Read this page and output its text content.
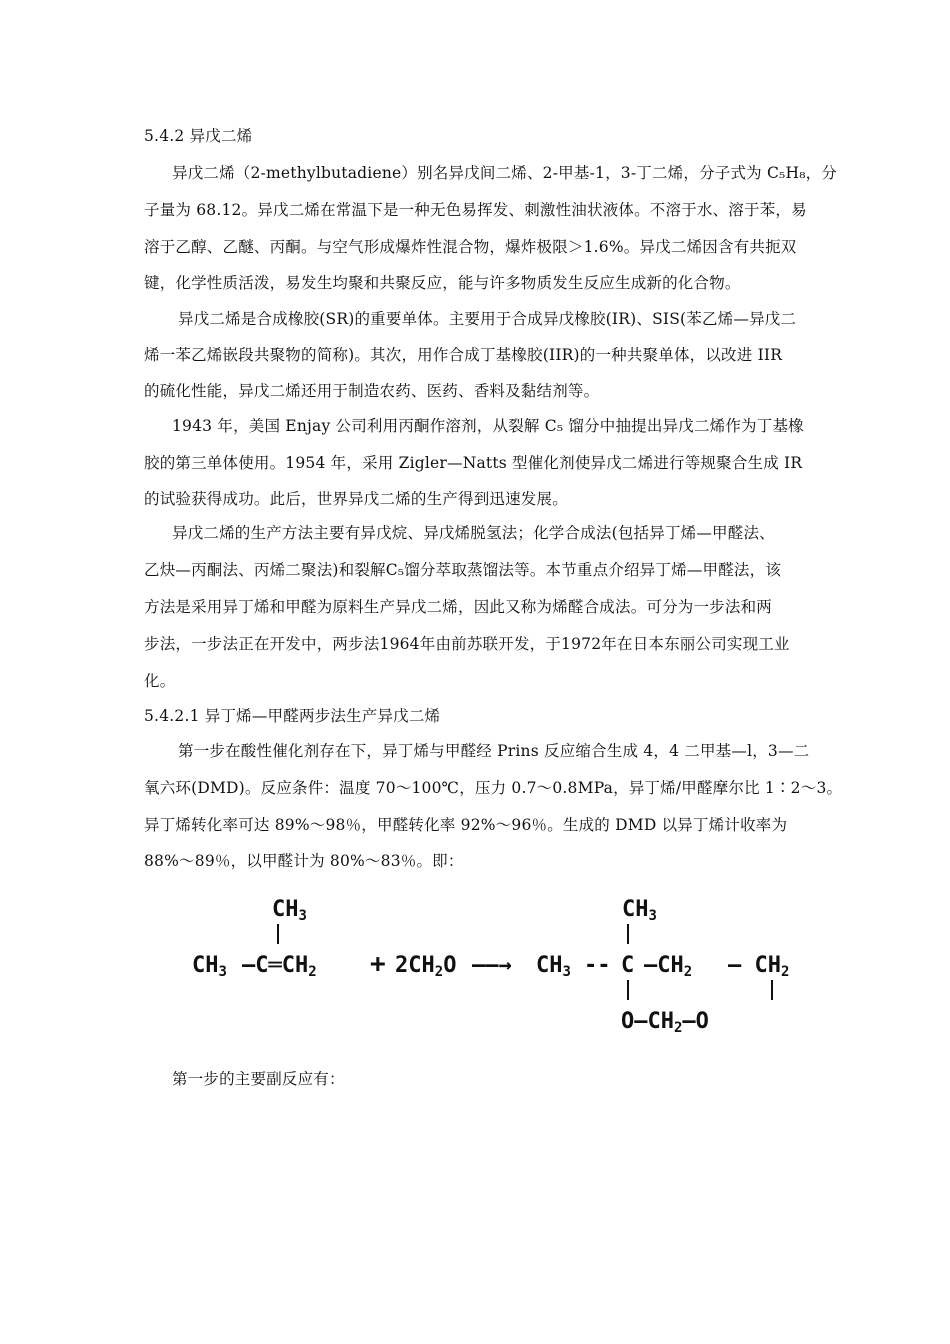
5.4.2 异戊二烯
异戊二烯（2-methylbutadiene）别名异戊间二烯、2-甲基-1，3-丁二烯，分子式为 C₅H₈，分
子量为 68.12。异戊二烯在常温下是一种无色易挥发、刺激性油状液体。不溶于水、溶于苯，易
溶于乙醇、乙醚、丙酮。与空气形成爆炸性混合物，爆炸极限＞1.6%。异戊二烯因含有共扼双
键，化学性质活泼，易发生均聚和共聚反应，能与许多物质发生反应生成新的化合物。
异戊二烯是合成橡胶(SR)的重要单体。主要用于合成异戊橡胶(IR)、SIS(苯乙烯—异戊二
烯一苯乙烯嵌段共聚物的简称)。其次，用作合成丁基橡胶(IIR)的一种共聚单体，以改进 IIR
的硫化性能，异戊二烯还用于制造农药、医药、香料及黏结剂等。
1943 年，美国 Enjay 公司利用丙酮作溶剂，从裂解 C₅ 馏分中抽提出异戊二烯作为丁基橡
胶的第三单体使用。1954 年，采用 Zigler—Natts 型催化剂使异戊二烯进行等规聚合生成 IR
的试验获得成功。此后，世界异戊二烯的生产得到迅速发展。
异戊二烯的生产方法主要有异戊烷、异戊烯脱氢法；化学合成法(包括异丁烯—甲醛法、
乙炔—丙酮法、丙烯二聚法)和裂解C₅馏分萃取蒸馏法等。本节重点介绍异丁烯—甲醛法，该
方法是采用异丁烯和甲醛为原料生产异戊二烯，因此又称为烯醛合成法。可分为一步法和两
步法，一步法正在开发中，两步法1964年由前苏联开发，于1972年在日本东丽公司实现工业
化。
5.4.2.1 异丁烯—甲醛两步法生产异戊二烯
第一步在酸性催化剂存在下，异丁烯与甲醛经 Prins 反应缩合生成 4，4 二甲基—l，3—二
氧六环(DMD)。反应条件：温度 70～100℃，压力 0.7～0.8MPa，异丁烯/甲醛摩尔比 1∶2～3。
异丁烯转化率可达 89%～98％，甲醛转化率 92%～96％。生成的 DMD 以异丁烯计收率为
88%～89％，以甲醛计为 80%～83％。即：
CH3
CH3 —C═CH2 + 2CH2O ——→ CH3 --
CH3
C —CH2 — CH2
O—CH2—O
第一步的主要副反应有：
